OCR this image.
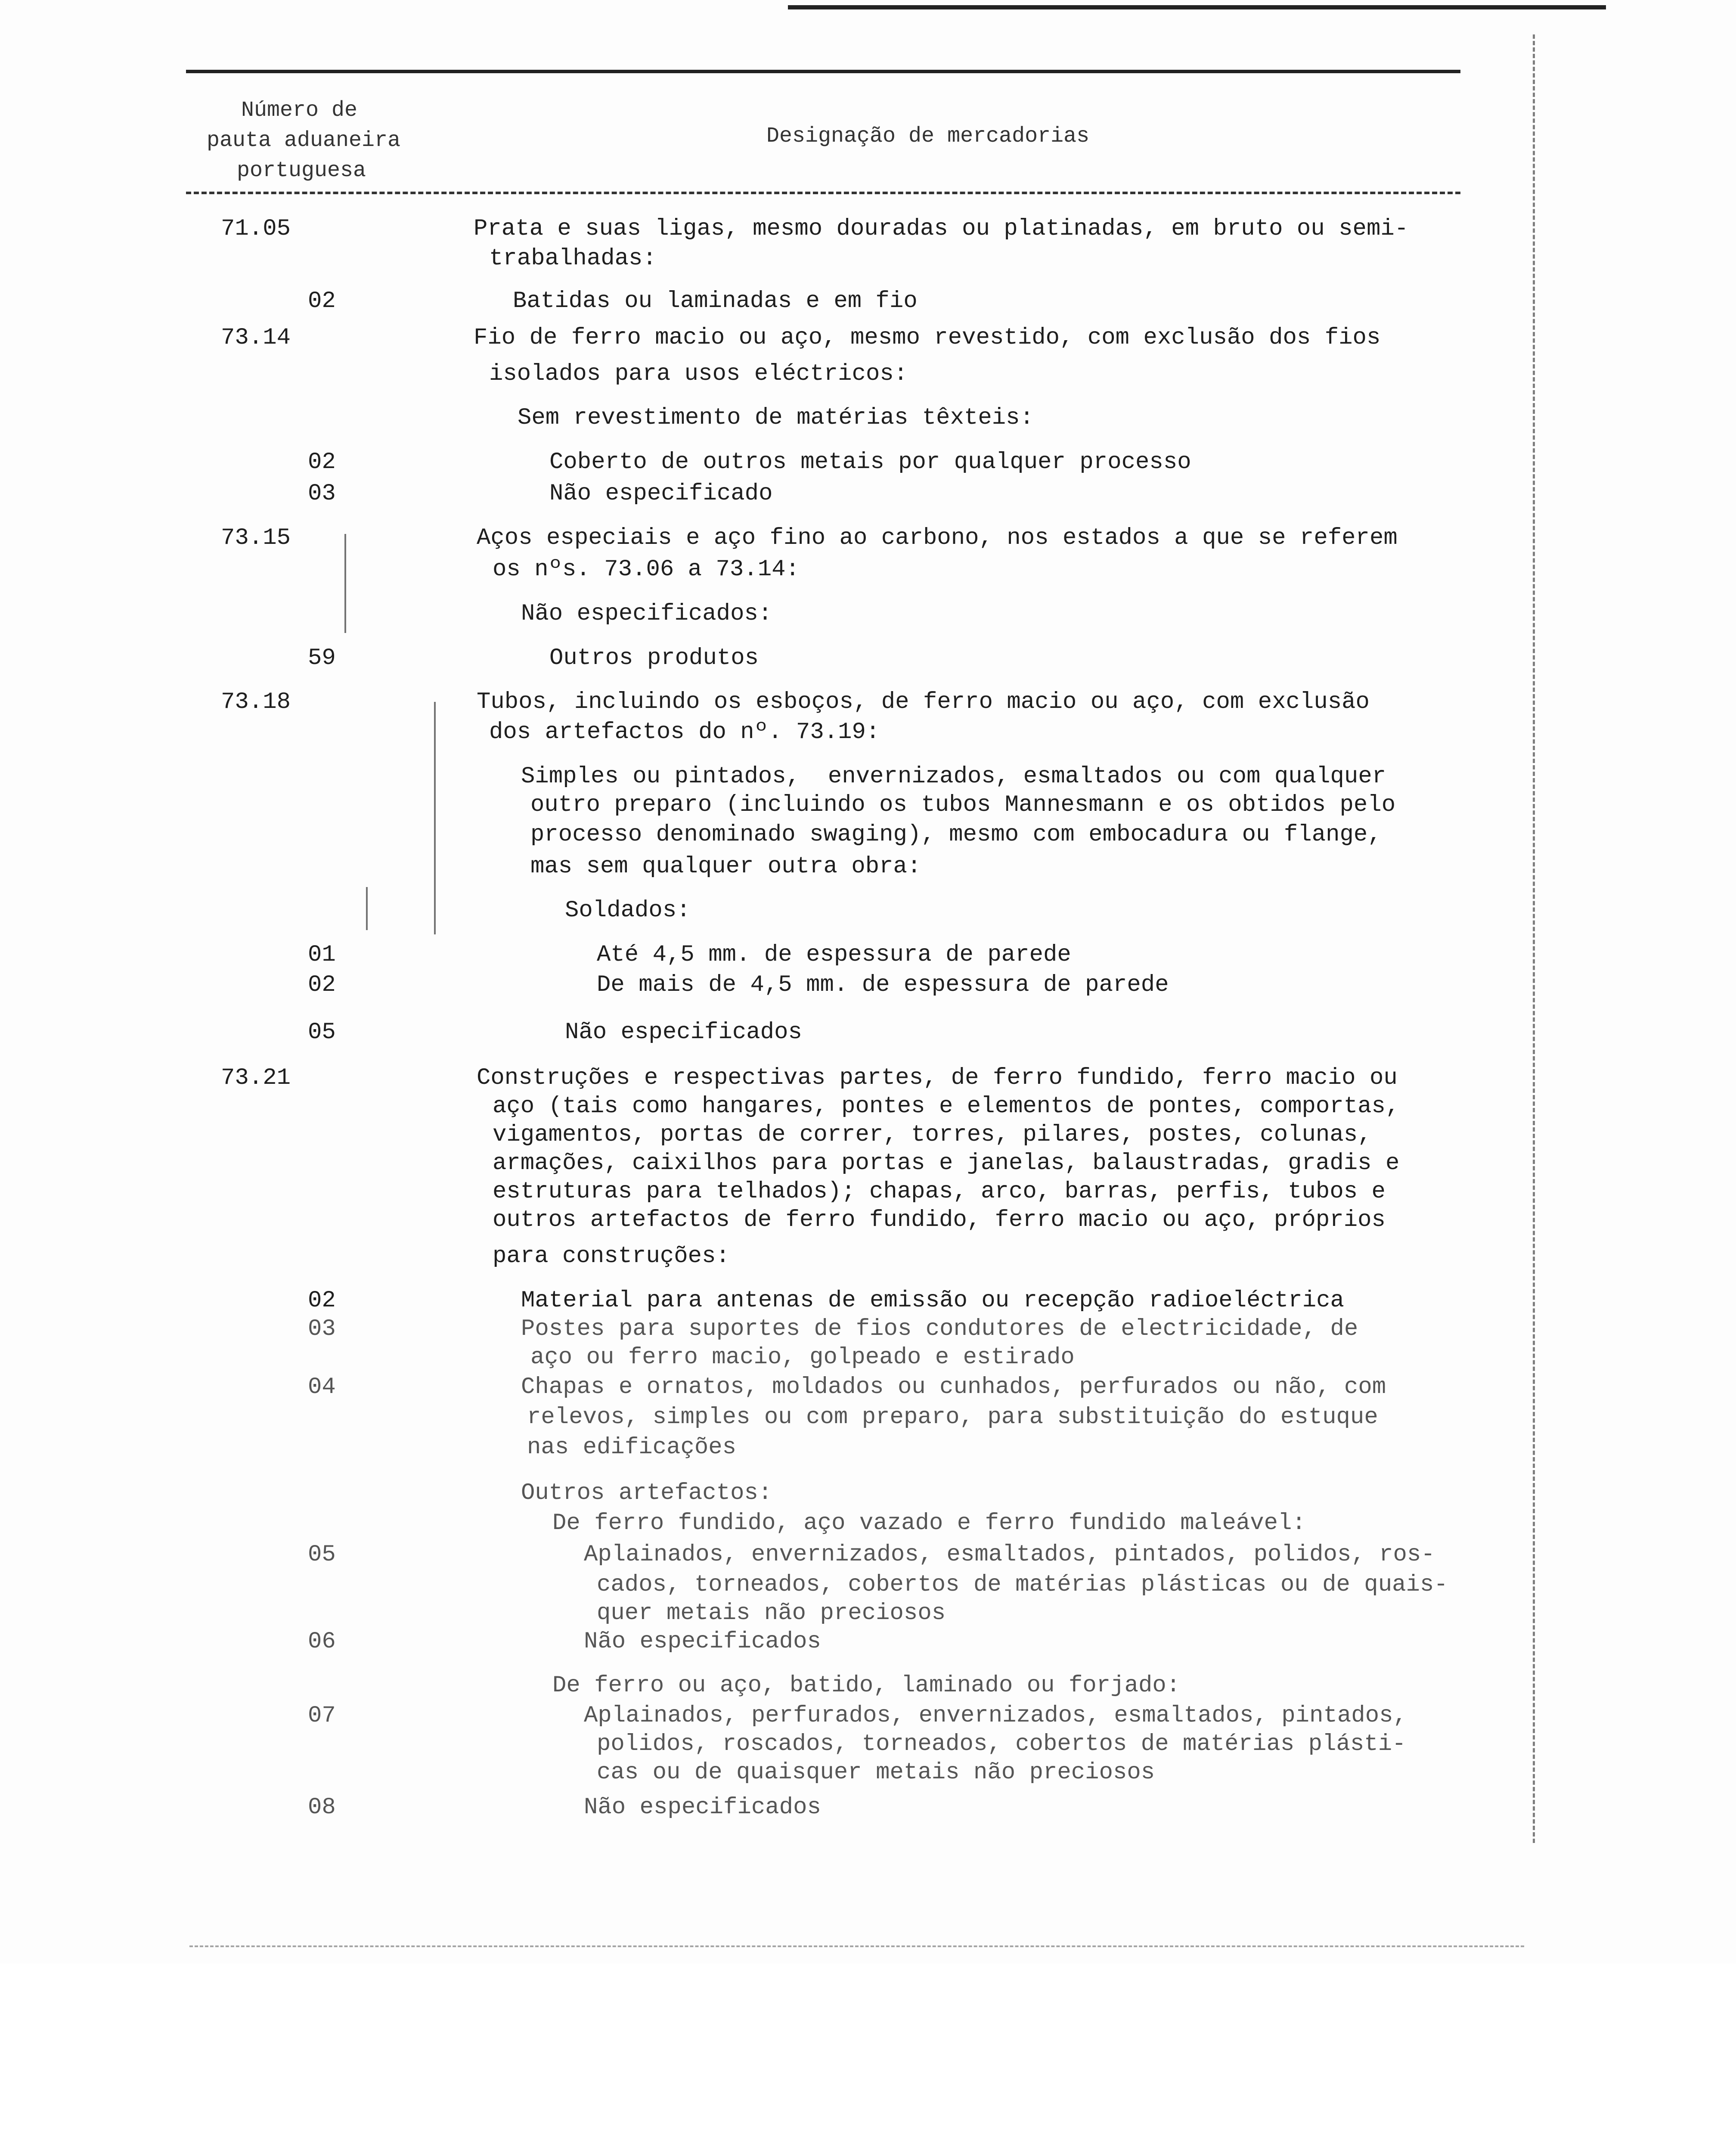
Número de
pauta aduaneira
portuguesa
Designação de mercadorias
71.05	Prata e suas ligas, mesmo douradas ou platinadas, em bruto ou semi-
trabalhadas:
02	Batidas ou laminadas e em fio
73.14	Fio de ferro macio ou aço, mesmo revestido, com exclusão dos fios
isolados para usos eléctricos:
Sem revestimento de matérias têxteis:
02	Coberto de outros metais por qualquer processo
03	Não especificado
73.15	Aços especiais e aço fino ao carbono, nos estados a que se referem
os nºs. 73.06 a 73.14:
Não especificados:
59	Outros produtos
73.18	Tubos, incluindo os esboços, de ferro macio ou aço, com exclusão
dos artefactos do nº. 73.19:
Simples ou pintados,  envernizados, esmaltados ou com qualquer
outro preparo (incluindo os tubos Mannesmann e os obtidos pelo
processo denominado swaging), mesmo com embocadura ou flange,
mas sem qualquer outra obra:
Soldados:
01	Até 4,5 mm. de espessura de parede
02	De mais de 4,5 mm. de espessura de parede
05	Não especificados
73.21	Construções e respectivas partes, de ferro fundido, ferro macio ou
aço (tais como hangares, pontes e elementos de pontes, comportas,
vigamentos, portas de correr, torres, pilares, postes, colunas,
armações, caixilhos para portas e janelas, balaustradas, gradis e
estruturas para telhados); chapas, arco, barras, perfis, tubos e
outros artefactos de ferro fundido, ferro macio ou aço, próprios
para construções:
02	Material para antenas de emissão ou recepção radioeléctrica
03	Postes para suportes de fios condutores de electricidade, de
aço ou ferro macio, golpeado e estirado
04	Chapas e ornatos, moldados ou cunhados, perfurados ou não, com
relevos, simples ou com preparo, para substituição do estuque
nas edificações
Outros artefactos:
De ferro fundido, aço vazado e ferro fundido maleável:
05	Aplainados, envernizados, esmaltados, pintados, polidos, ros-
cados, torneados, cobertos de matérias plásticas ou de quais-
quer metais não preciosos
06	Não especificados
De ferro ou aço, batido, laminado ou forjado:
07	Aplainados, perfurados, envernizados, esmaltados, pintados,
polidos, roscados, torneados, cobertos de matérias plásti-
cas ou de quaisquer metais não preciosos
08	Não especificados
